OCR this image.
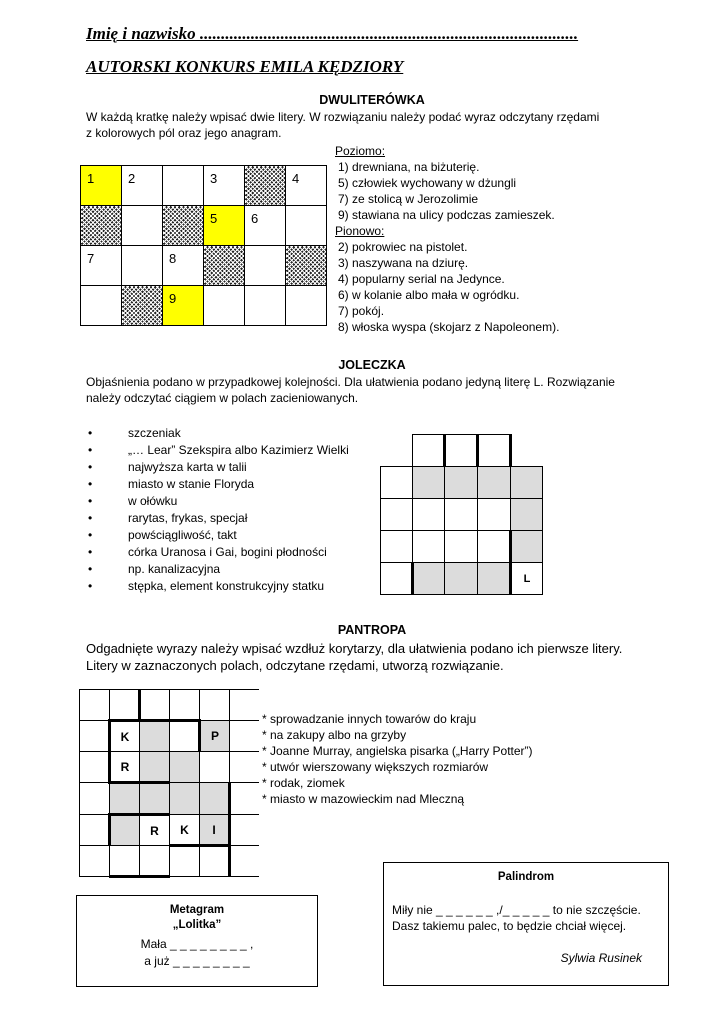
Imię i nazwisko .........................................................................................
AUTORSKI KONKURS EMILA KĘDZIORY
DWULITERÓWKA
W każdą kratkę należy wpisać dwie litery. W rozwiązaniu należy podać wyraz odczytany rzędami
z kolorowych pól oraz jego anagram.
1	2		3		4

			5	6	

7		8			

		9			

Poziomo:
1) drewniana, na biżuterię.
5) człowiek wychowany w dżungli
7) ze stolicą w Jerozolimie
9) stawiana na ulicy podczas zamieszek.
Pionowo:
2) pokrowiec na pistolet.
3) naszywana na dziurę.
4) popularny serial na Jedynce.
6) w kolanie albo mała w ogródku.
7) pokój.
8) włoska wyspa (skojarz z Napoleonem).
JOLECZKA
Objaśnienia podano w przypadkowej kolejności. Dla ułatwienia podano jedyną literę L. Rozwiązanie
należy odczytać ciągiem w polach zacieniowanych.
•	szczeniak
•	„… Lear” Szekspira albo Kazimierz Wielki
•	najwyższa karta w talii
•	miasto w stanie Floryda
•	w ołówku
•	rarytas, frykas, specjał
•	powściągliwość, takt
•	córka Uranosa i Gai, bogini płodności
•	np. kanalizacyjna
•	stępka, element konstrukcyjny statku

				L
PANTROPA
Odgadnięte wyrazy należy wpisać wzdłuż korytarzy, dla ułatwienia podano ich pierwsze litery.
Litery w zaznaczonych polach, odczytane rzędami, utworzą rozwiązanie.

	K			P	
	R				

		R	K	I	

* sprowadzanie innych towarów do kraju
* na zakupy albo na grzyby
* Joanne Murray, angielska pisarka („Harry Potter”)
* utwór wierszowany większych rozmiarów
* rodak, ziomek
* miasto w mazowieckim nad Mleczną
Palindrom
Miły nie _ _ _ _ _ _ ,/_ _ _ _ _ to nie szczęście.
Dasz takiemu palec, to będzie chciał więcej.
Sylwia Rusinek
Metagram
„Lolitka”
Mała _ _ _ _ _ _ _ _ ,
a już _ _ _ _ _ _ _ _
